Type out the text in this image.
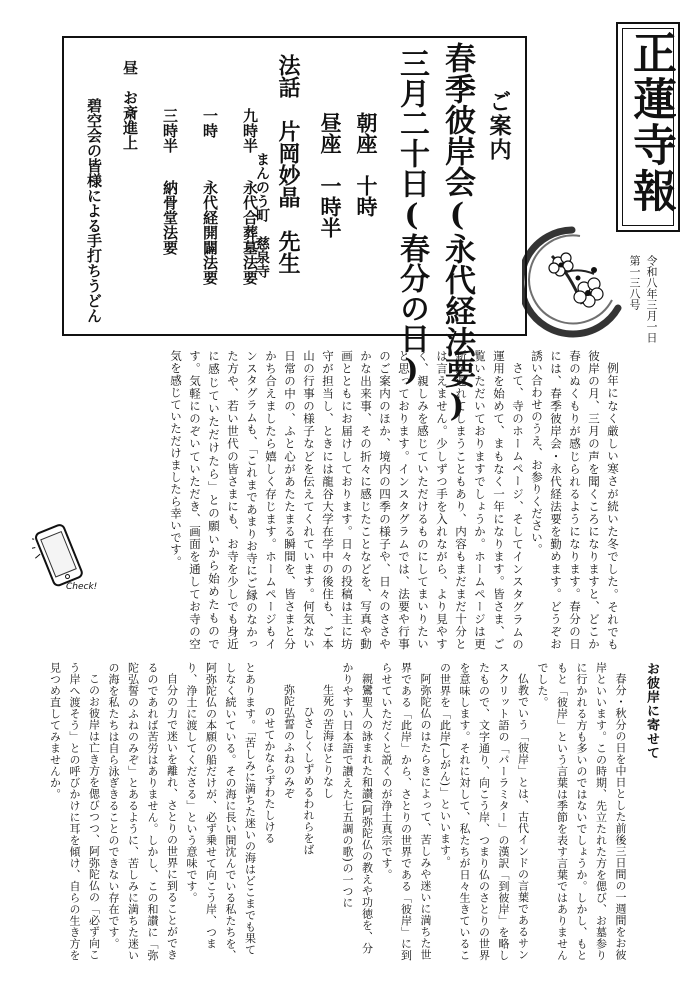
正蓮寺報
令和八年三月一日
第一三八号
ご案内
春季彼岸会(永代経法要)
三月二十日(春分の日)
朝座　十時
昼座　一時半
法話　片岡妙晶　先生
まんのう町　慈泉寺
九時半
永代合葬墓法要
一時
永代経開闢法要
三時半
納骨堂法要
昼　お斎進上
碧空会の皆様による手打ちうどん

例年になく厳しい寒さが続いた冬でした。それでも彼岸の月、三月の声を聞くころになりますと、どこか春のぬくもりが感じられるようになります。春分の日には、春季彼岸会・永代経法要を勤めます。どうぞお誘い合わせのうえ、お参りください。

さて、寺のホームページ、そしてインスタグラムの運用を始めて、まもなく一年になります。皆さま、ご覧いただいておりますでしょうか。ホームページは更新が遅れてしまうこともあり、内容もまだまだ十分とは言えません。少しずつ手を入れながら、より見やすく、親しみを感じていただけるものにしてまいりたいと思っております。インスタグラムでは、法要や行事のご案内のほか、境内の四季の様子や、日々のささやかな出来事、その折々に感じたことなどを、写真や動画とともにお届けしております。日々の投稿は主に坊守が担当し、ときには龍谷大学在学中の後住も、ご本山の行事の様子などを伝えてくれています。何気ない日常の中の、ふと心があたたまる瞬間を、皆さまと分かち合えましたら嬉しく存じます。ホームページもインスタグラムも、「これまであまりお寺にご縁のなかった方や、若い世代の皆さまにも、お寺を少しでも身近に感じていただけたら」との願いから始めたものです。気軽にのぞいていただき、画面を通してお寺の空気を感じていただけましたら幸いです。

Check!
お彼岸に寄せて

春分・秋分の日を中日とした前後三日間の一週間をお彼岸といいます。この時期、先立たれた方を偲び、お墓参りに行かれる方も多いのではないでしょうか。しかし、もともと「彼岸」という言葉は季節を表す言葉ではありませんでした。

仏教でいう「彼岸」とは、古代インドの言葉であるサンスクリット語の「パーラミター」の漢訳「到彼岸」を略したもので、文字通り、向こう岸、つまり仏のさとりの世界を意味します。それに対して、私たちが日々生きているこの世界を「此岸(しがん)」といいます。

阿弥陀仏のはたらきによって、苦しみや迷いに満ちた世界である「此岸」から、さとりの世界である「彼岸」に到らせていただくと説くのが浄土真宗です。

親鸞聖人の詠まれた和讃(阿弥陀仏の教えや功徳を、分かりやすい日本語で讃えた七五調の歌)の一つに

生死の苦海ほとりなし

ひさしくしずめるわれらをば

弥陀弘誓のふねのみぞ

のせてかならずわたしける

とあります。「苦しみに満ちた迷いの海はどこまでも果てしなく続いている。その海に長い間沈んでいる私たちを、阿弥陀仏の本願の船だけが、必ず乗せて向こう岸、つまり、浄土に渡してくださる」という意味です。

自分の力で迷いを離れ、さとりの世界に到ることができるのであれば苦労はありません。しかし、この和讃に「弥陀弘誓のふねのみぞ」とあるように、苦しみに満ちた迷いの海を私たちは自ら泳ぎきることのできない存在です。

このお彼岸は亡き方を偲びつつ、阿弥陀仏の「必ず向こう岸へ渡そう」との呼びかけに耳を傾け、自らの生き方を見つめ直してみませんか。
